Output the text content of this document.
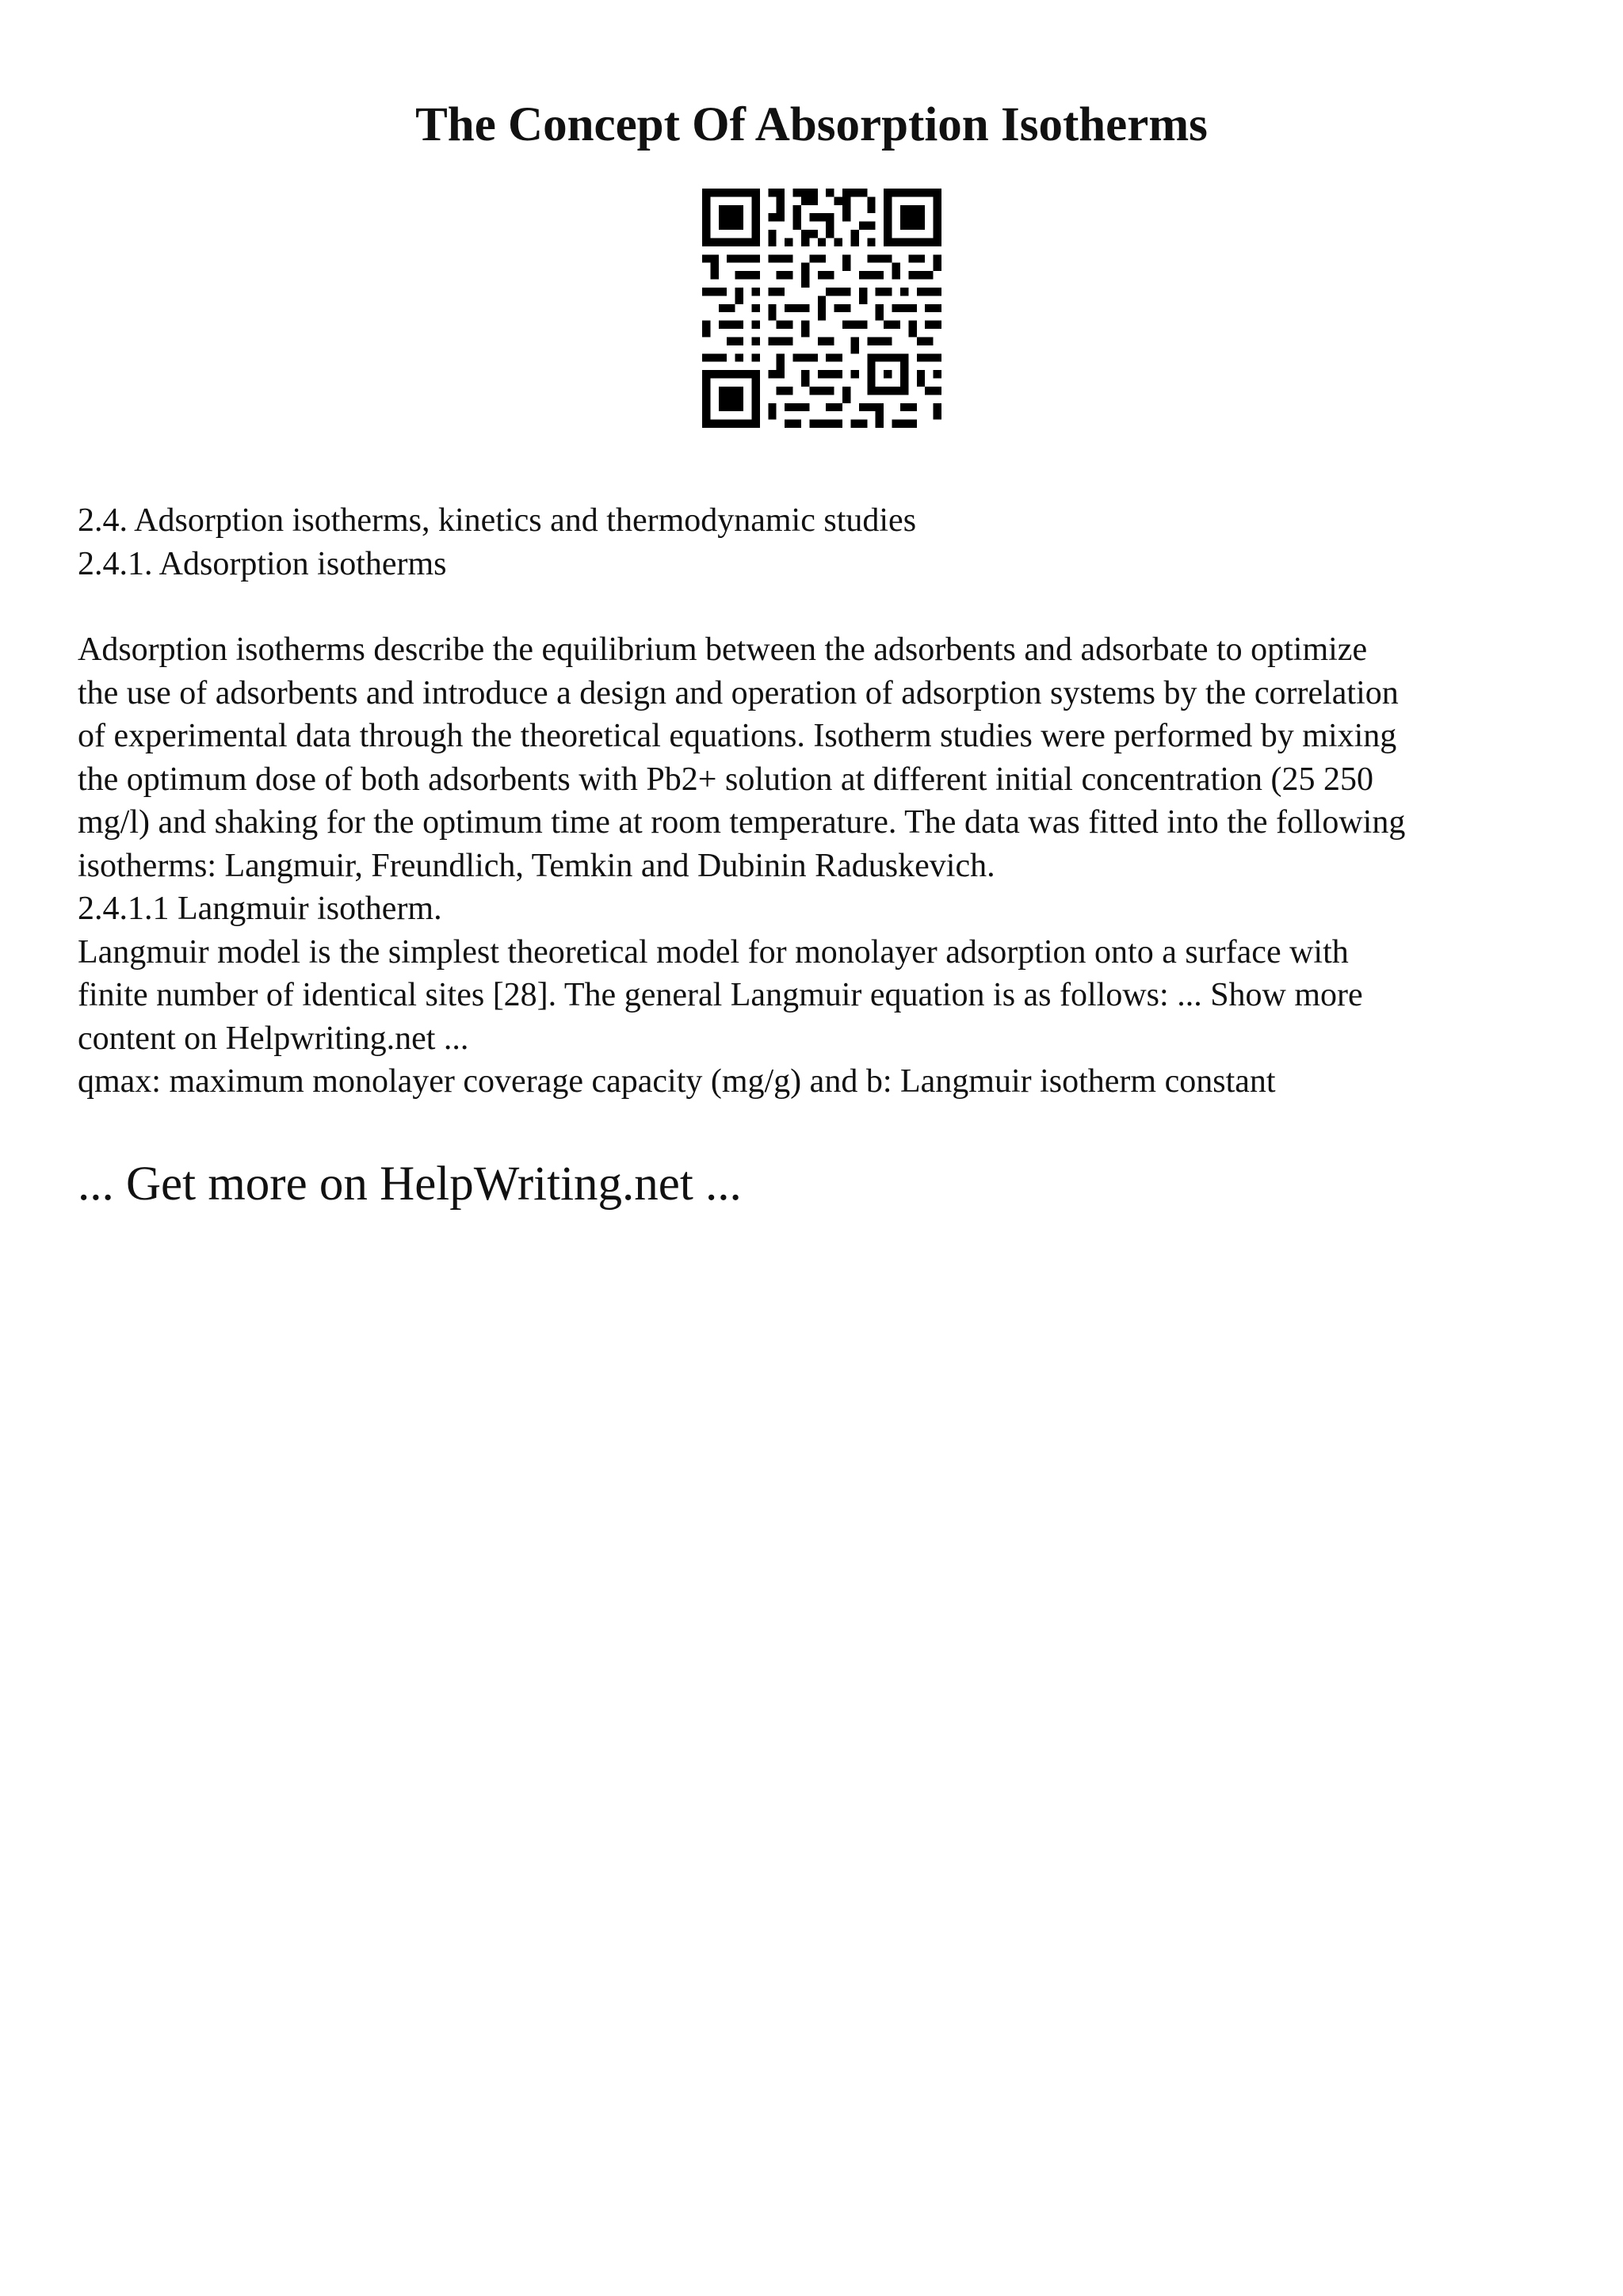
The Concept Of Absorption Isotherms
2.4. Adsorption isotherms, kinetics and thermodynamic studies
2.4.1. Adsorption isotherms
Adsorption isotherms describe the equilibrium between the adsorbents and adsorbate to optimize
the use of adsorbents and introduce a design and operation of adsorption systems by the correlation
of experimental data through the theoretical equations. Isotherm studies were performed by mixing
the optimum dose of both adsorbents with Pb2+ solution at different initial concentration (25 250
mg/l) and shaking for the optimum time at room temperature. The data was fitted into the following
isotherms: Langmuir, Freundlich, Temkin and Dubinin Raduskevich.
2.4.1.1 Langmuir isotherm.
Langmuir model is the simplest theoretical model for monolayer adsorption onto a surface with
finite number of identical sites [28]. The general Langmuir equation is as follows: ... Show more
content on Helpwriting.net ...
qmax: maximum monolayer coverage capacity (mg/g) and b: Langmuir isotherm constant
... Get more on HelpWriting.net ...
